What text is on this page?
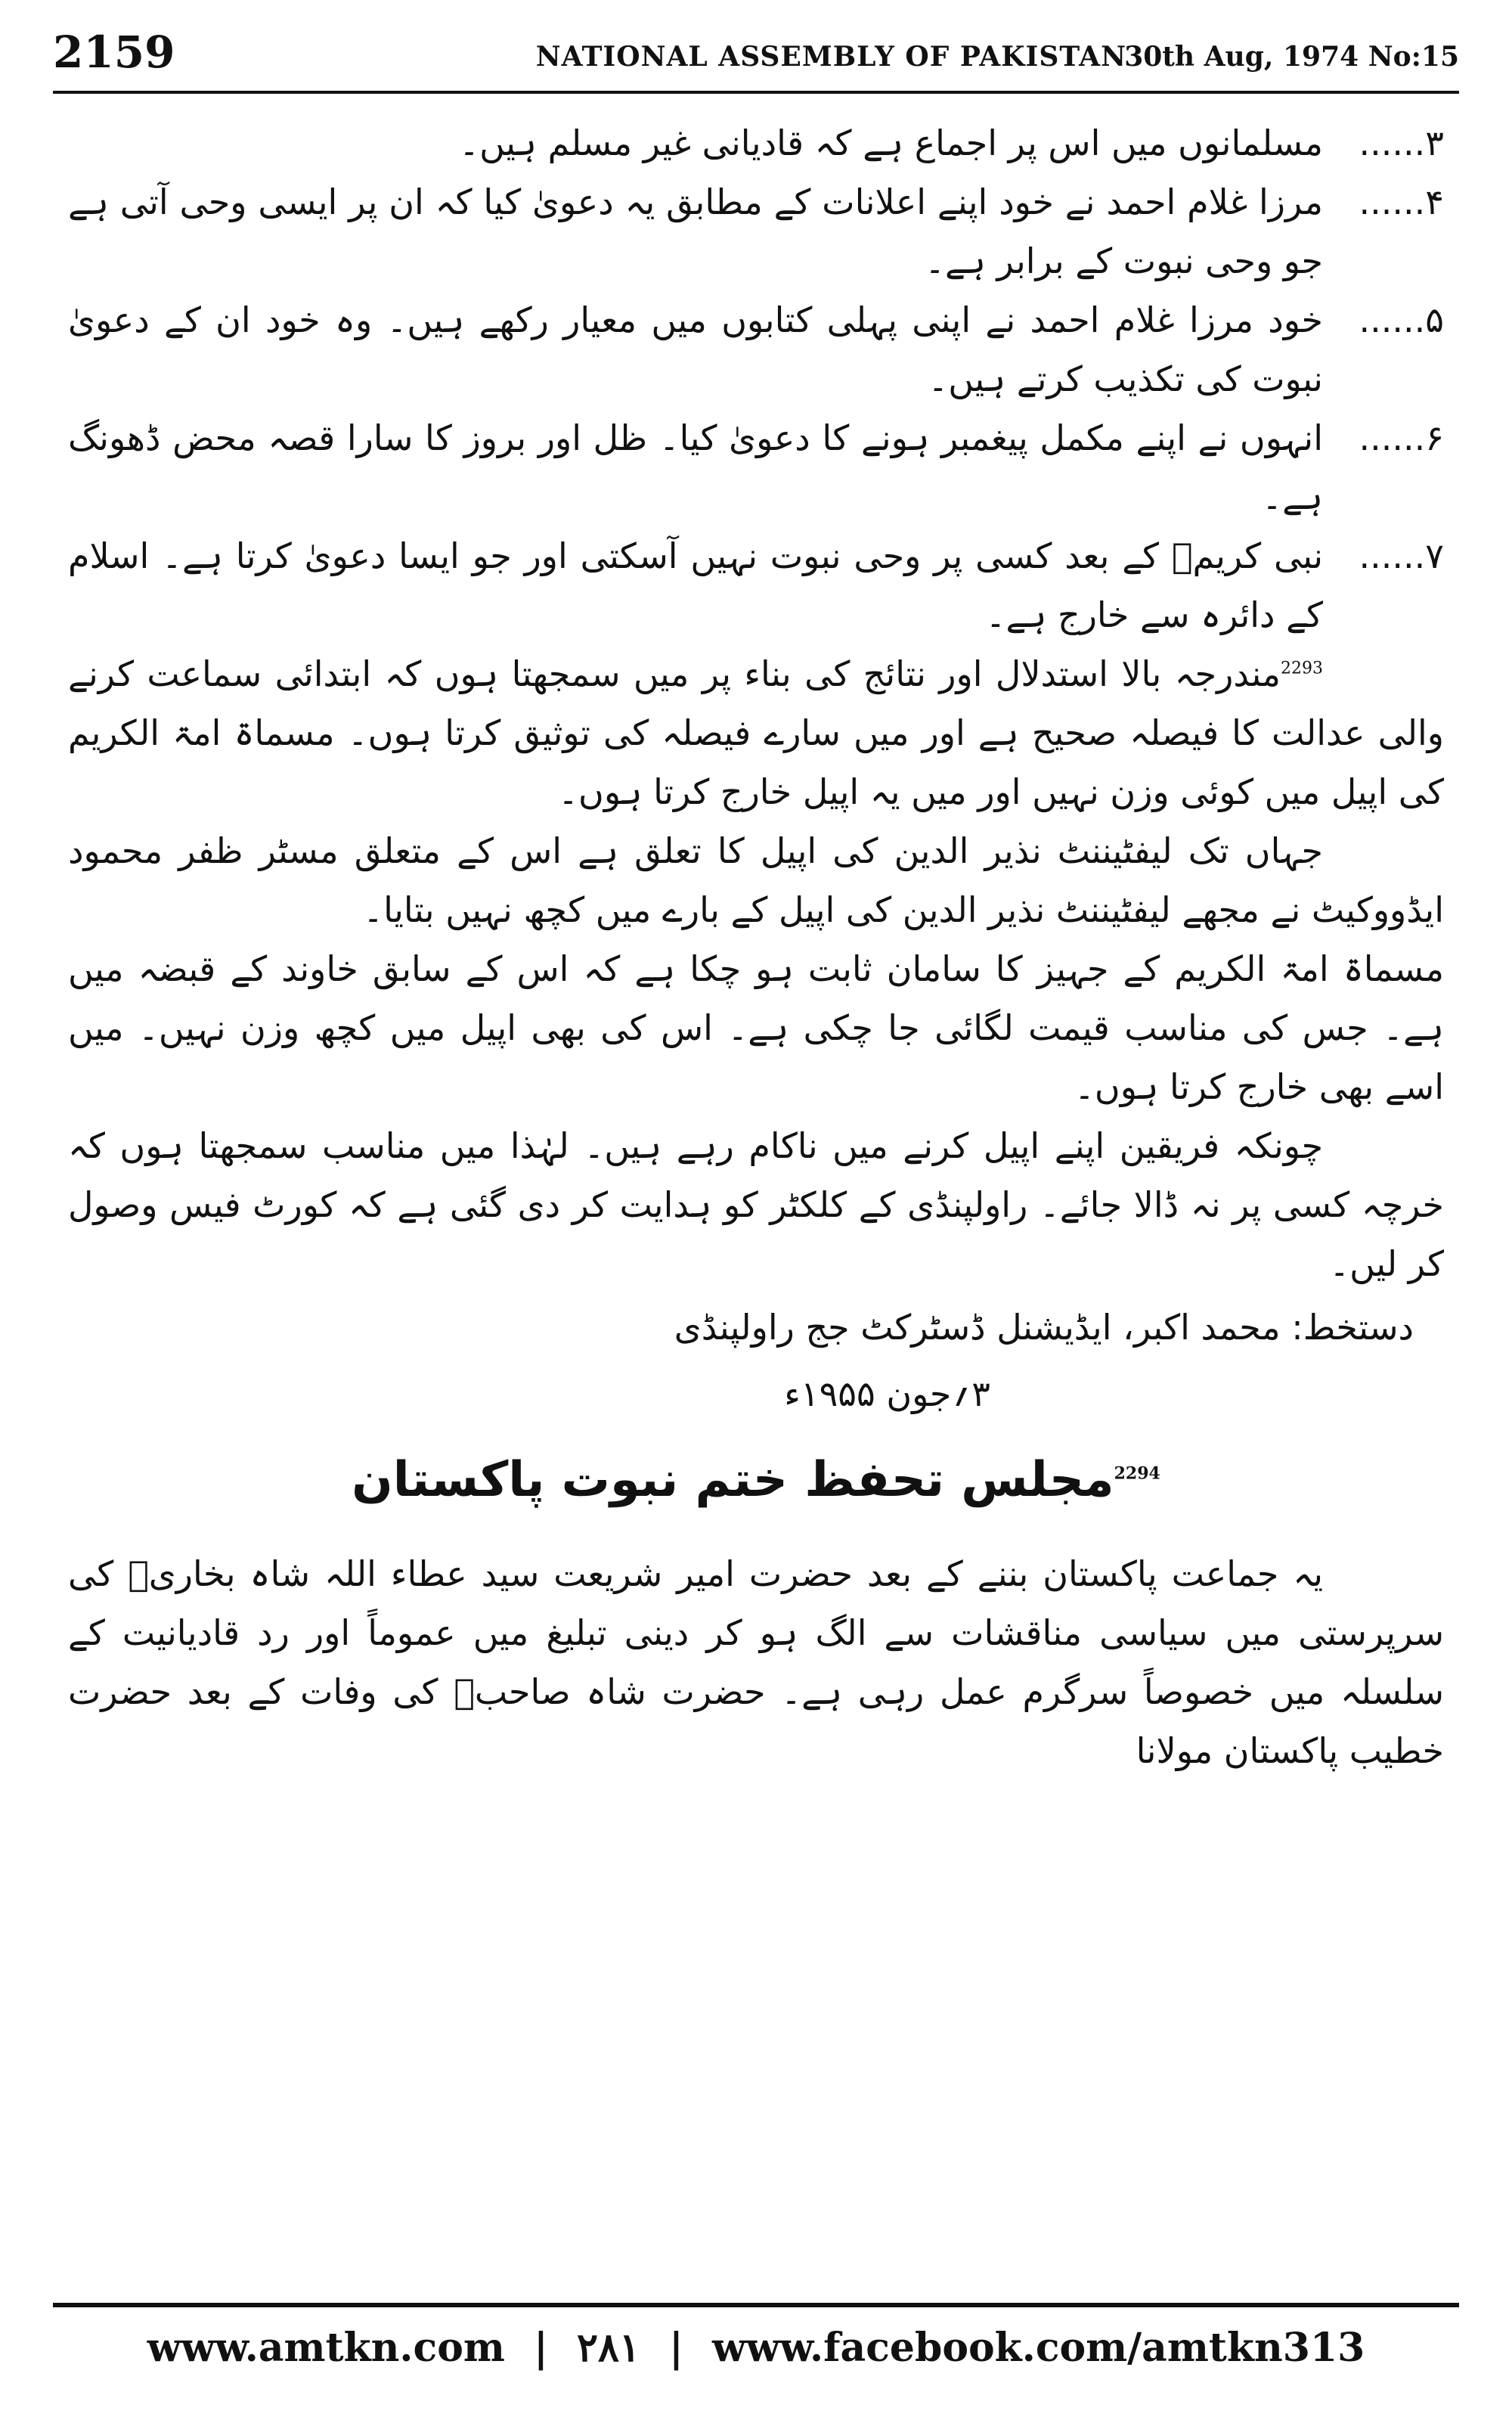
2159	NATIONAL ASSEMBLY OF PAKISTAN
30th Aug, 1974 No:15
۳......
مسلمانوں میں اس پر اجماع ہے کہ قادیانی غیر مسلم ہیں۔
۴......
مرزا غلام احمد نے خود اپنے اعلانات کے مطابق یہ دعویٰ کیا کہ ان پر ایسی وحی آتی ہے جو وحی نبوت کے برابر ہے۔
۵......
خود مرزا غلام احمد نے اپنی پہلی کتابوں میں معیار رکھے ہیں۔ وہ خود ان کے دعویٰ نبوت کی تکذیب کرتے ہیں۔
۶......
انہوں نے اپنے مکمل پیغمبر ہونے کا دعویٰ کیا۔ ظل اور بروز کا سارا قصہ محض ڈھونگ ہے۔
۷......
نبی کریمؐ کے بعد کسی پر وحی نبوت نہیں آسکتی اور جو ایسا دعویٰ کرتا ہے۔ اسلام کے دائرہ سے خارج ہے۔

$^{2293}$مندرجہ بالا استدلال اور نتائج کی بناء پر میں سمجھتا ہوں کہ ابتدائی سماعت کرنے والی عدالت کا فیصلہ صحیح ہے اور میں سارے فیصلہ کی توثیق کرتا ہوں۔ مسماۃ امۃ الکریم کی اپیل میں کوئی وزن نہیں اور میں یہ اپیل خارج کرتا ہوں۔

جہاں تک لیفٹیننٹ نذیر الدین کی اپیل کا تعلق ہے اس کے متعلق مسٹر ظفر محمود ایڈووکیٹ نے مجھے لیفٹیننٹ نذیر الدین کی اپیل کے بارے میں کچھ نہیں بتایا۔

مسماۃ امۃ الکریم کے جہیز کا سامان ثابت ہو چکا ہے کہ اس کے سابق خاوند کے قبضہ میں ہے۔ جس کی مناسب قیمت لگائی جا چکی ہے۔ اس کی بھی اپیل میں کچھ وزن نہیں۔ میں اسے بھی خارج کرتا ہوں۔

چونکہ فریقین اپنے اپیل کرنے میں ناکام رہے ہیں۔ لہٰذا میں مناسب سمجھتا ہوں کہ خرچہ کسی پر نہ ڈالا جائے۔ راولپنڈی کے کلکٹر کو ہدایت کر دی گئی ہے کہ کورٹ فیس وصول کر لیں۔

دستخط: محمد اکبر، ایڈیشنل ڈسٹرکٹ جج راولپنڈی
۳؍جون ۱۹۵۵ء
$^{2294}$مجلس تحفظ ختم نبوت پاکستان

یہ جماعت پاکستان بننے کے بعد حضرت امیر شریعت سید عطاء اللہ شاہ بخاریؒ کی سرپرستی میں سیاسی مناقشات سے الگ ہو کر دینی تبلیغ میں عموماً اور رد قادیانیت کے سلسلہ میں خصوصاً سرگرم عمل رہی ہے۔ حضرت شاہ صاحبؒ کی وفات کے بعد حضرت خطیب پاکستان مولانا

www.amtkn.com | ۲۸۱ | www.facebook.com/amtkn313
